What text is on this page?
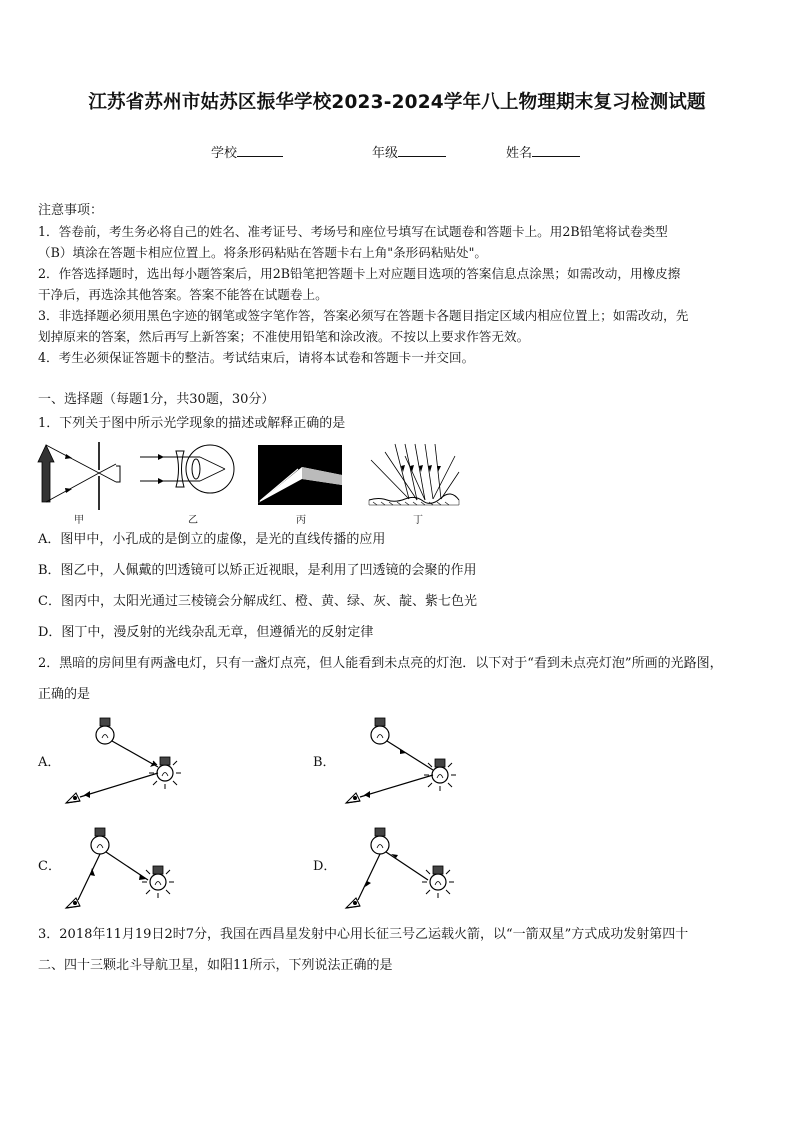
江苏省苏州市姑苏区振华学校2023-2024学年八上物理期末复习检测试题
学校	年级	姓名
注意事项：
1．答卷前，考生务必将自己的姓名、准考证号、考场号和座位号填写在试题卷和答题卡上。用2B铅笔将试卷类型
（B）填涂在答题卡相应位置上。将条形码粘贴在答题卡右上角"条形码粘贴处"。
2．作答选择题时，选出每小题答案后，用2B铅笔把答题卡上对应题目选项的答案信息点涂黑；如需改动，用橡皮擦
干净后，再选涂其他答案。答案不能答在试题卷上。
3．非选择题必须用黑色字迹的钢笔或签字笔作答，答案必须写在答题卡各题目指定区域内相应位置上；如需改动，先
划掉原来的答案，然后再写上新答案；不准使用铅笔和涂改液。不按以上要求作答无效。
4．考生必须保证答题卡的整洁。考试结束后，请将本试卷和答题卡一并交回。
一、选择题（每题1分，共30题，30分）
1．下列关于图中所示光学现象的描述或解释正确的是
甲	乙	丙	丁
A．图甲中，小孔成的是倒立的虚像，是光的直线传播的应用
B．图乙中，人佩戴的凹透镜可以矫正近视眼，是利用了凹透镜的会聚的作用
C．图丙中，太阳光通过三棱镜会分解成红、橙、黄、绿、灰、靛、紫七色光
D．图丁中，漫反射的光线杂乱无章，但遵循光的反射定律
2．黑暗的房间里有两盏电灯，只有一盏灯点亮，但人能看到未点亮的灯泡．以下对于“看到未点亮灯泡”所画的光路图，
正确的是
A．	B．
C．	D．
3．2018年11月19日2时7分，我国在西昌星发射中心用长征三号乙运载火箭，以“一箭双星”方式成功发射第四十
二、四十三颗北斗导航卫星，如阳11所示，下列说法正确的是
